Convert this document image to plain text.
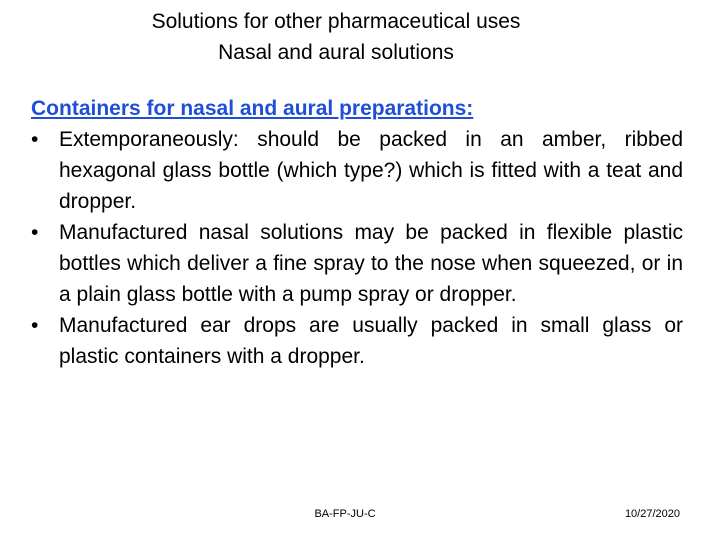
Solutions for other pharmaceutical uses
Nasal and aural solutions
Containers for nasal and aural preparations:
• Extemporaneously: should be packed in an amber, ribbed hexagonal glass bottle (which type?) which is fitted with a teat and dropper.
• Manufactured nasal solutions may be packed in flexible plastic bottles which deliver a fine spray to the nose when squeezed, or in a plain glass bottle with a pump spray or dropper.
• Manufactured ear drops are usually packed in small glass or plastic containers with a dropper.
BA-FP-JU-C	10/27/2020
